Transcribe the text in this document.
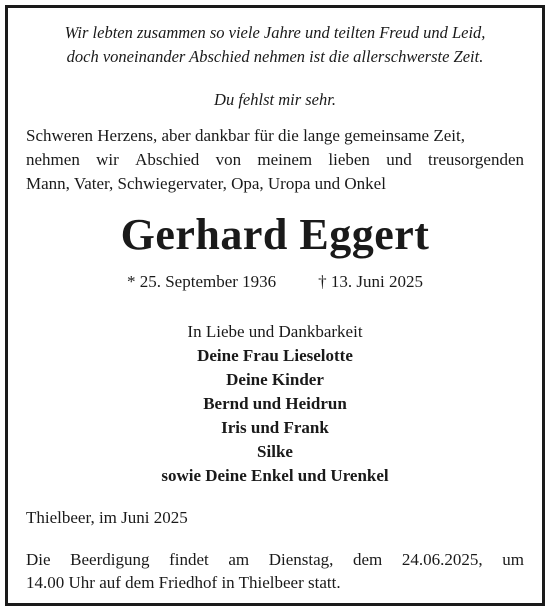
Wir lebten zusammen so viele Jahre und teilten Freud und Leid,
doch voneinander Abschied nehmen ist die allerschwerste Zeit.
Du fehlst mir sehr.
Schweren Herzens, aber dankbar für die lange gemeinsame Zeit,
nehmen wir Abschied von meinem lieben und treusorgenden
Mann, Vater, Schwiegervater, Opa, Uropa und Onkel
Gerhard Eggert
* 25. September 1936 † 13. Juni 2025
In Liebe und Dankbarkeit
Deine Frau Lieselotte
Deine Kinder
Bernd und Heidrun
Iris und Frank
Silke
sowie Deine Enkel und Urenkel
Thielbeer, im Juni 2025
Die Beerdigung findet am Dienstag, dem 24.06.2025, um
14.00 Uhr auf dem Friedhof in Thielbeer statt.
